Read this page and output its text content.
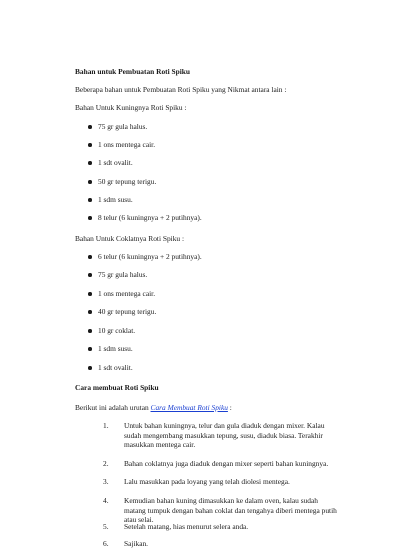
Bahan untuk Pembuatan Roti Spiku

Beberapa bahan untuk Pembuatan Roti Spiku yang Nikmat antara lain :

Bahan Untuk Kuningnya Roti Spiku :

75 gr gula halus.
1 ons mentega cair.
1 sdt ovalit.
50 gr tepung terigu.
1 sdm susu.
8 telur (6 kuningnya + 2 putihnya).

Bahan Untuk Coklatnya Roti Spiku :

6 telur (6 kuningnya + 2 putihnya).
75 gr gula halus.
1 ons mentega cair.
40 gr tepung terigu.
10 gr coklat.
1 sdm susu.
1 sdt ovalit.

Cara membuat Roti Spiku

Berikut ini adalah urutan Cara Membuat Roti Spiku :

1. Untuk bahan kuningnya, telur dan gula diaduk dengan mixer. Kalau sudah mengembang masukkan tepung, susu, diaduk biasa. Terakhir masukkan mentega cair.
2. Bahan coklatnya juga diaduk dengan mixer seperti bahan kuningnya.
3. Lalu masukkan pada loyang yang telah diolesi mentega.
4. Kemudian bahan kuning dimasukkan ke dalam oven, kalau sudah matang tumpuk dengan bahan coklat dan tengahya diberi mentega putih atau selai.
5. Setelah matang, hias menurut selera anda.
6. Sajikan.
